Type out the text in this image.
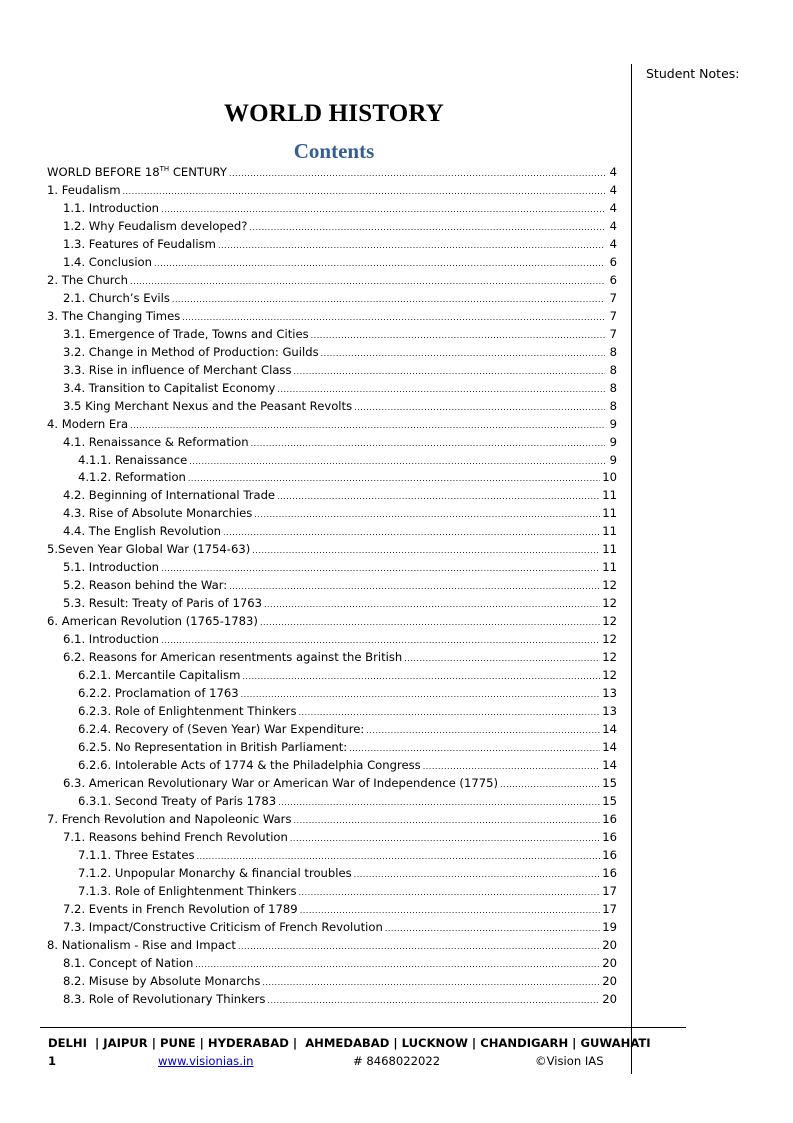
Student Notes:
WORLD HISTORY
Contents
WORLD BEFORE 18TH CENTURY .....	4
1. Feudalism .....	4
1.1. Introduction .....	4
1.2. Why Feudalism developed? .....	4
1.3. Features of Feudalism .....	4
1.4. Conclusion .....	6
2. The Church .....	6
2.1. Church’s Evils .....	7
3. The Changing Times .....	7
3.1. Emergence of Trade, Towns and Cities .....	7
3.2. Change in Method of Production: Guilds .....	8
3.3. Rise in influence of Merchant Class .....	8
3.4. Transition to Capitalist Economy .....	8
3.5 King Merchant Nexus and the Peasant Revolts .....	8
4. Modern Era .....	9
4.1. Renaissance & Reformation .....	9
4.1.1. Renaissance .....	9
4.1.2. Reformation .....	10
4.2. Beginning of International Trade .....	11
4.3. Rise of Absolute Monarchies .....	11
4.4. The English Revolution .....	11
5.Seven Year Global War (1754-63) .....	11
5.1. Introduction .....	11
5.2. Reason behind the War: .....	12
5.3. Result: Treaty of Paris of 1763 .....	12
6. American Revolution (1765-1783) .....	12
6.1. Introduction .....	12
6.2. Reasons for American resentments against the British .....	12
6.2.1. Mercantile Capitalism .....	12
6.2.2. Proclamation of 1763 .....	13
6.2.3. Role of Enlightenment Thinkers .....	13
6.2.4. Recovery of (Seven Year) War Expenditure: .....	14
6.2.5. No Representation in British Parliament: .....	14
6.2.6. Intolerable Acts of 1774 & the Philadelphia Congress .....	14
6.3. American Revolutionary War or American War of Independence (1775) .....	15
6.3.1. Second Treaty of Paris 1783 .....	15
7. French Revolution and Napoleonic Wars .....	16
7.1. Reasons behind French Revolution .....	16
7.1.1. Three Estates .....	16
7.1.2. Unpopular Monarchy & financial troubles .....	16
7.1.3. Role of Enlightenment Thinkers .....	17
7.2. Events in French Revolution of 1789 .....	17
7.3. Impact/Constructive Criticism of French Revolution .....	19
8. Nationalism - Rise and Impact .....	20
8.1. Concept of Nation .....	20
8.2. Misuse by Absolute Monarchs .....	20
8.3. Role of Revolutionary Thinkers .....	20
DELHI  | JAIPUR | PUNE | HYDERABAD |  AHMEDABAD | LUCKNOW | CHANDIGARH | GUWAHATI
1	www.visionias.in	# 8468022022	©Vision IAS
